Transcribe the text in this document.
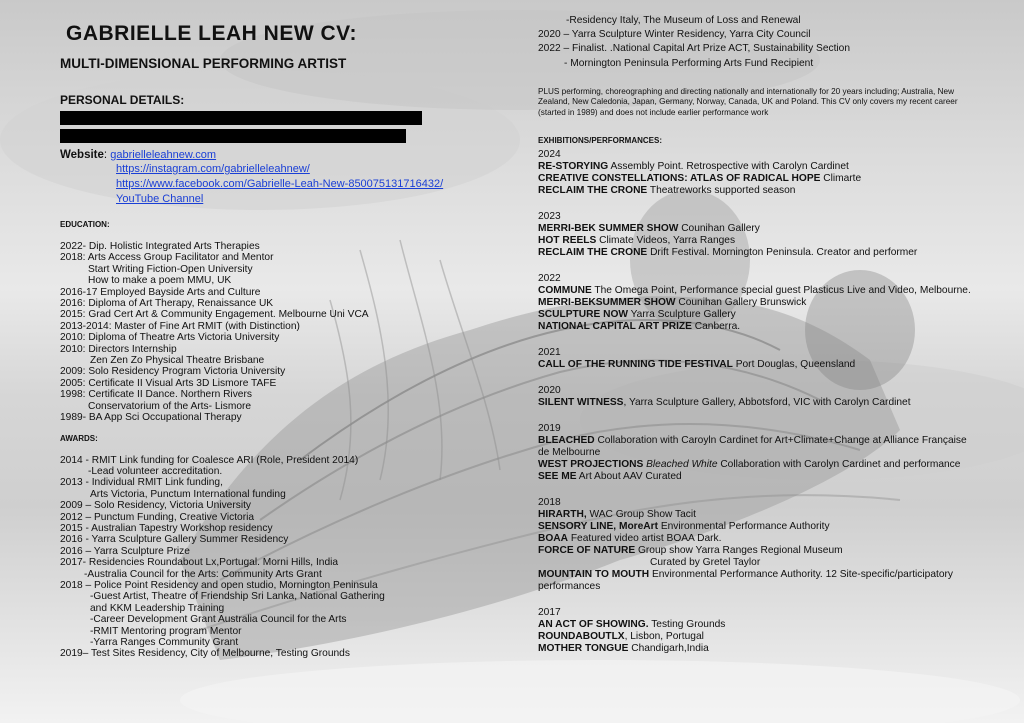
GABRIELLE LEAH NEW CV:
MULTI-DIMENSIONAL PERFORMING ARTIST
PERSONAL DETAILS:
Website: gabrielleleahnew.com
https://instagram.com/gabrielleleahnew/
https://www.facebook.com/Gabrielle-Leah-New-850075131716432/
YouTube Channel
EDUCATION:
2022- Dip. Holistic Integrated Arts Therapies
2018: Arts Access Group Facilitator and Mentor
Start Writing Fiction-Open University
How to make a poem MMU, UK
2016-17 Employed Bayside Arts and Culture
2016: Diploma of Art Therapy, Renaissance UK
2015: Grad Cert Art & Community Engagement. Melbourne Uni VCA
2013-2014: Master of Fine Art RMIT (with Distinction)
2010: Diploma of Theatre Arts Victoria University
2010: Directors Internship
Zen Zen Zo Physical Theatre Brisbane
2009: Solo Residency Program Victoria University
2005: Certificate II Visual Arts 3D Lismore TAFE
1998: Certificate II Dance. Northern Rivers
Conservatorium of the Arts- Lismore
1989- BA App Sci Occupational Therapy
AWARDS:
2014 - RMIT Link funding for Coalesce ARI (Role, President 2014)
-Lead volunteer accreditation.
2013 - Individual RMIT Link funding,
Arts Victoria, Punctum International funding
2009 – Solo Residency, Victoria University
2012 – Punctum Funding, Creative Victoria
2015 - Australian Tapestry Workshop residency
2016 - Yarra Sculpture Gallery Summer Residency
2016 – Yarra Sculpture Prize
2017- Residencies Roundabout Lx,Portugal. Morni Hills, India
-Australia Council for the Arts: Community Arts Grant
2018 – Police Point Residency and open studio, Mornington Peninsula
-Guest Artist, Theatre of Friendship Sri Lanka, National Gathering
and KKM Leadership Training
-Career Development Grant Australia Council for the Arts
-RMIT Mentoring program Mentor
-Yarra Ranges Community Grant
2019– Test Sites Residency, City of Melbourne, Testing Grounds
-Residency Italy, The Museum of Loss and Renewal
2020 – Yarra Sculpture Winter Residency, Yarra City Council
2022 – Finalist. .National Capital Art Prize ACT, Sustainability Section
- Mornington Peninsula Performing Arts Fund Recipient
PLUS performing, choreographing and directing nationally and internationally for 20 years including; Australia, New Zealand, New Caledonia, Japan, Germany, Norway, Canada, UK and Poland. This CV only covers my recent career (started in 1989) and does not include earlier performance work
EXHIBITIONS/PERFORMANCES:
2024
RE-STORYING Assembly Point. Retrospective with Carolyn Cardinet
CREATIVE CONSTELLATIONS: ATLAS OF RADICAL HOPE Climarte
RECLAIM THE CRONE Theatreworks supported season
2023
MERRI-BEK SUMMER SHOW Counihan Gallery
HOT REELS Climate Videos, Yarra Ranges
RECLAIM THE CRONE Drift Festival. Mornington Peninsula. Creator and performer
2022
COMMUNE The Omega Point, Performance special guest Plasticus Live and Video, Melbourne.
MERRI-BEKSUMMER SHOW Counihan Gallery Brunswick
SCULPTURE NOW Yarra Sculpture Gallery
NATIONAL CAPITAL ART PRIZE Canberra.
2021
CALL OF THE RUNNING TIDE FESTIVAL Port Douglas, Queensland
2020
SILENT WITNESS, Yarra Sculpture Gallery, Abbotsford, VIC with Carolyn Cardinet
2019
BLEACHED Collaboration with Caroyln Cardinet for Art+Climate+Change at Alliance Française de Melbourne
WEST PROJECTIONS Bleached White Collaboration with Carolyn Cardinet and performance
SEE ME Art About AAV Curated
2018
HIRARTH, WAC Group Show Tacit
SENSORY LINE, MoreArt Environmental Performance Authority
BOAA Featured video artist BOAA Dark.
FORCE OF NATURE Group show Yarra Ranges Regional Museum
Curated by Gretel Taylor
MOUNTAIN TO MOUTH Environmental Performance Authority. 12 Site-specific/participatory performances
2017
AN ACT OF SHOWING. Testing Grounds
ROUNDABOUTLX, Lisbon, Portugal
MOTHER TONGUE Chandigarh,India
